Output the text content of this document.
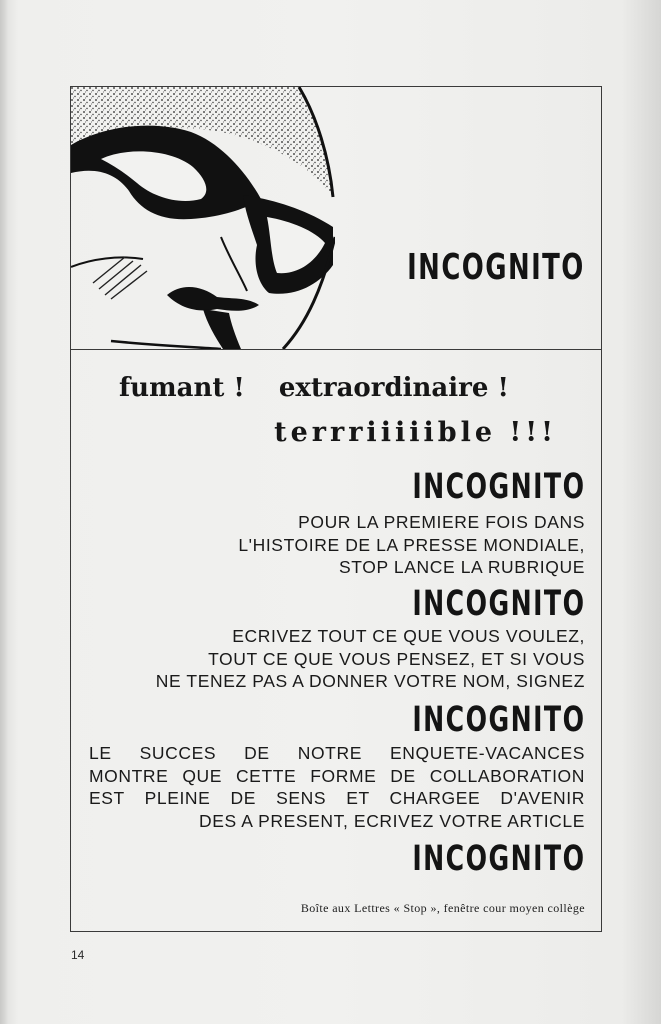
INCOGNITO
fumant ! extraordinaire !
terrriiiiible !!!
INCOGNITO
POUR LA PREMIERE FOIS DANS
L'HISTOIRE DE LA PRESSE MONDIALE,
STOP LANCE LA RUBRIQUE
INCOGNITO
ECRIVEZ TOUT CE QUE VOUS VOULEZ,
TOUT CE QUE VOUS PENSEZ, ET SI VOUS
NE TENEZ PAS A DONNER VOTRE NOM, SIGNEZ
INCOGNITO
LE SUCCES DE NOTRE ENQUETE-VACANCES
MONTRE QUE CETTE FORME DE COLLABORATION
EST PLEINE DE SENS ET CHARGEE D'AVENIR
DES A PRESENT, ECRIVEZ VOTRE ARTICLE
INCOGNITO
Boîte aux Lettres « Stop », fenêtre cour moyen collège
14
